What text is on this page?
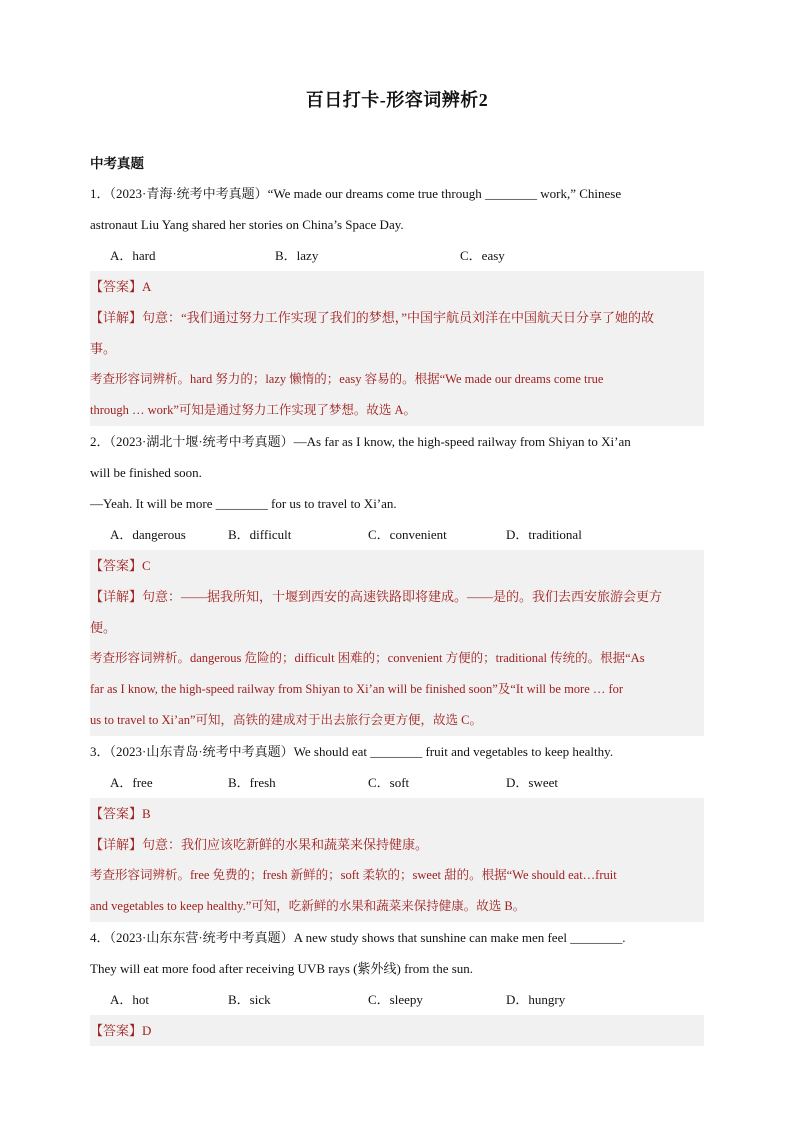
百日打卡-形容词辨析2
中考真题
1．（2023·青海·统考中考真题）“We made our dreams come true through ________ work,” Chinese
astronaut Liu Yang shared her stories on China’s Space Day.
A．hard	B．lazy	C．easy
【答案】A
【详解】句意：“我们通过努力工作实现了我们的梦想，”中国宇航员刘洋在中国航天日分享了她的故
事。
考查形容词辨析。hard 努力的；lazy 懒惰的；easy 容易的。根据“We made our dreams come true
through … work”可知是通过努力工作实现了梦想。故选 A。
2．（2023·湖北十堰·统考中考真题）—As far as I know, the high-speed railway from Shiyan to Xi’an
will be finished soon.
—Yeah. It will be more ________ for us to travel to Xi’an.
A．dangerous	B．difficult	C．convenient	D．traditional
【答案】C
【详解】句意：——据我所知，十堰到西安的高速铁路即将建成。——是的。我们去西安旅游会更方
便。
考查形容词辨析。dangerous 危险的；difficult 困难的；convenient 方便的；traditional 传统的。根据“As
far as I know, the high-speed railway from Shiyan to Xi’an will be finished soon”及“It will be more … for
us to travel to Xi’an”可知，高铁的建成对于出去旅行会更方便，故选 C。
3．（2023·山东青岛·统考中考真题）We should eat ________ fruit and vegetables to keep healthy.
A．free	B．fresh	C．soft	D．sweet
【答案】B
【详解】句意：我们应该吃新鲜的水果和蔬菜来保持健康。
考查形容词辨析。free 免费的；fresh 新鲜的；soft 柔软的；sweet 甜的。根据“We should eat…fruit
and vegetables to keep healthy.”可知，吃新鲜的水果和蔬菜来保持健康。故选 B。
4．（2023·山东东营·统考中考真题）A new study shows that sunshine can make men feel ________.
They will eat more food after receiving UVB rays (紫外线) from the sun.
A．hot	B．sick	C．sleepy	D．hungry
【答案】D
